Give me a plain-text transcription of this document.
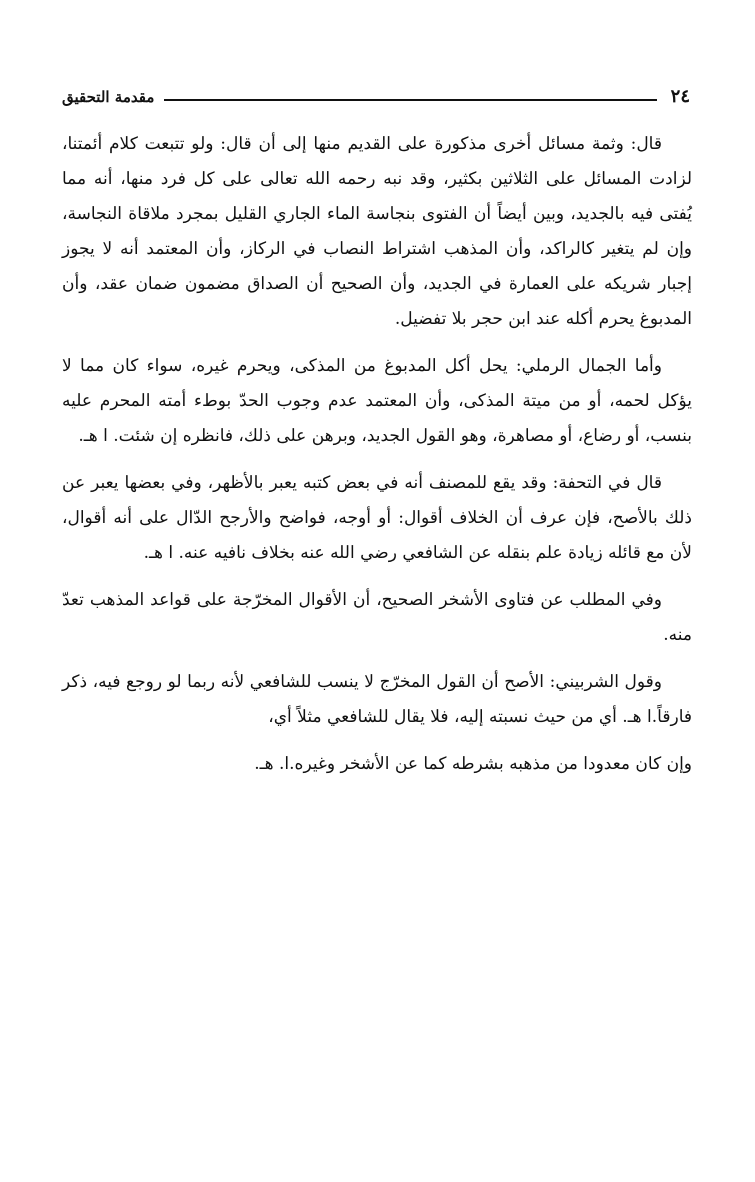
٢٤
مقدمة التحقيق

قال: وثمة مسائل أخرى مذكورة على القديم منها إلى أن قال: ولو تتبعت كلام أئمتنا، لزادت المسائل على الثلاثين بكثير، وقد نبه رحمه الله تعالى على كل فرد منها، أنه مما يُفتى فيه بالجديد، وبين أيضاً أن الفتوى بنجاسة الماء الجاري القليل بمجرد ملاقاة النجاسة، وإن لم يتغير كالراكد، وأن المذهب اشتراط النصاب في الركاز، وأن المعتمد أنه لا يجوز إجبار شريكه على العمارة في الجديد، وأن الصحيح أن الصداق مضمون ضمان عقد، وأن المدبوغ يحرم أكله عند ابن حجر بلا تفضيل.

وأما الجمال الرملي: يحل أكل المدبوغ من المذكى، ويحرم غيره، سواء كان مما لا يؤكل لحمه، أو من ميتة المذكى، وأن المعتمد عدم وجوب الحدّ بوطء أمته المحرم عليه بنسب، أو رضاع، أو مصاهرة، وهو القول الجديد، وبرهن على ذلك، فانظره إن شئت. ا هـ.

قال في التحفة: وقد يقع للمصنف أنه في بعض كتبه يعبر بالأظهر، وفي بعضها يعبر عن ذلك بالأصح، فإن عرف أن الخلاف أقوال: أو أوجه، فواضح والأرجح الدّال على أنه أقوال، لأن مع قائله زيادة علم بنقله عن الشافعي رضي الله عنه بخلاف نافيه عنه. ا هـ.

وفي المطلب عن فتاوى الأشخر الصحيح، أن الأقوال المخرّجة على قواعد المذهب تعدّ منه.

وقول الشربيني: الأصح أن القول المخرّج لا ينسب للشافعي لأنه ربما لو روجع فيه، ذكر فارقاً.ا هـ. أي من حيث نسبته إليه، فلا يقال للشافعي مثلاً أي،

وإن كان معدودا من مذهبه بشرطه كما عن الأشخر وغيره.ا. هـ.
